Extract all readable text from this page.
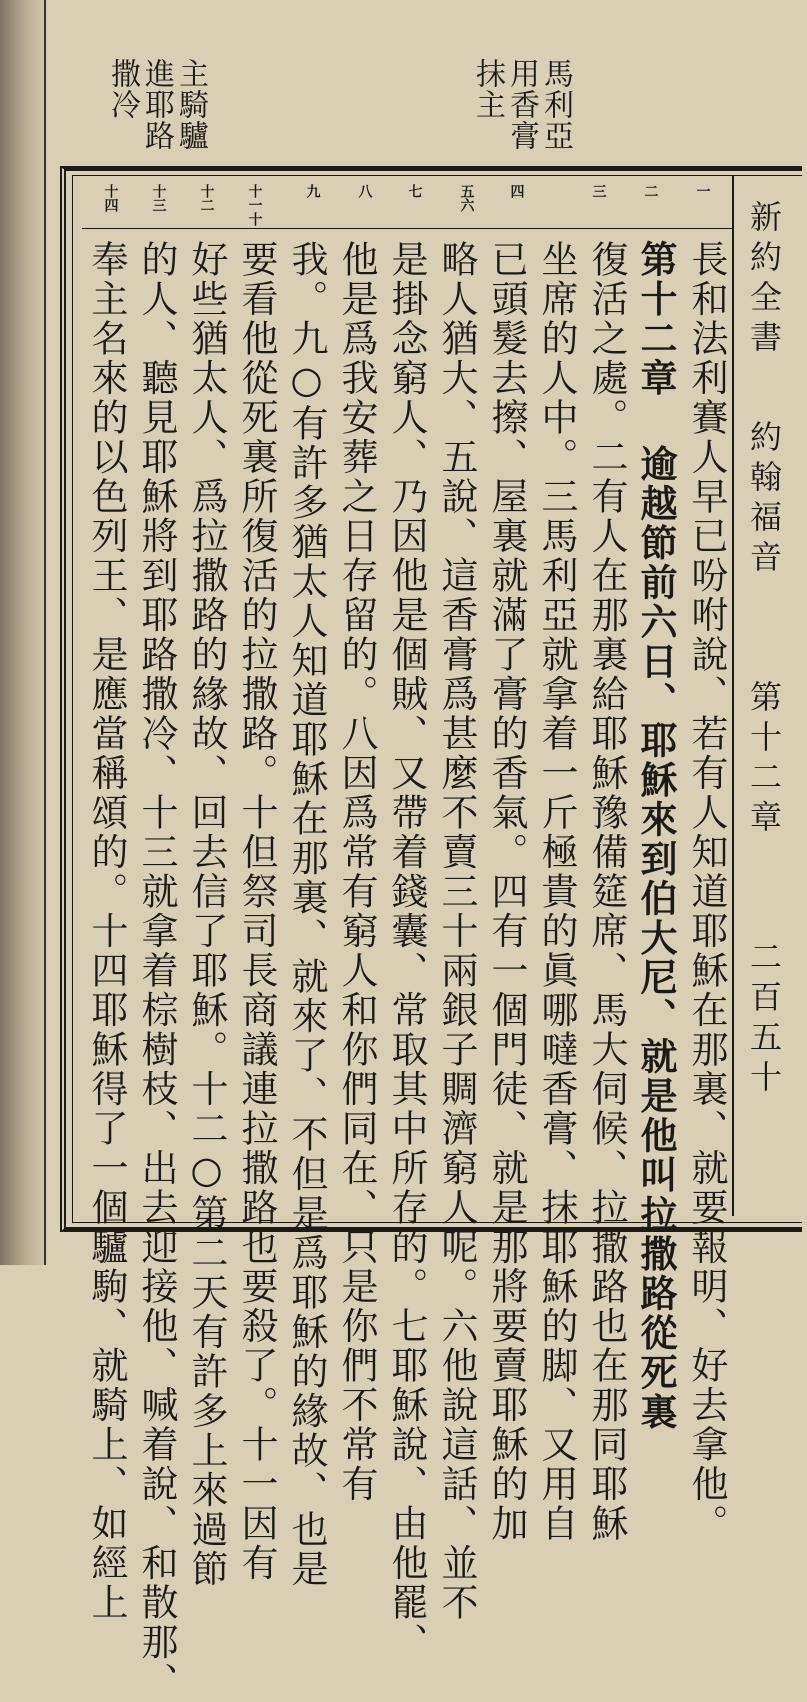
馬利亞
用香膏
抹主
主騎驢
進耶路
撒冷
新約全書
約翰福音
第十二章
二百五十
一
二
三
四
五六
七
八
九
十一十
十二
十三
十四
長和法利賽人早已吩咐說、若有人知道耶穌在那裏、就要報明、好去拿他。
第十二章 逾越節前六日、耶穌來到伯大尼、就是他叫拉撒路從死裏
復活之處。二有人在那裏給耶穌豫備筵席、馬大伺候、拉撒路也在那同耶穌
坐席的人中。三馬利亞就拿着一斤極貴的眞哪噠香膏、抹耶穌的脚、又用自
已頭髮去擦、屋裏就滿了膏的香氣。四有一個門徒、就是那將要賣耶穌的加
略人猶大、五說、這香膏爲甚麼不賣三十兩銀子賙濟窮人呢。六他說這話、並不
是掛念窮人、乃因他是個賊、又帶着錢囊、常取其中所存的。七耶穌說、由他罷、
他是爲我安葬之日存留的。八因爲常有窮人和你們同在、只是你們不常有
我。九○有許多猶太人知道耶穌在那裏、就來了、不但是爲耶穌的緣故、也是
要看他從死裏所復活的拉撒路。十但祭司長商議連拉撒路也要殺了。十一因有
好些猶太人、爲拉撒路的緣故、回去信了耶穌。十二○第二天有許多上來過節
的人、聽見耶穌將到耶路撒冷、十三就拿着棕樹枝、出去迎接他、喊着說、和散那、
奉主名來的以色列王、是應當稱頌的。十四耶穌得了一個驢駒、就騎上、如經上
